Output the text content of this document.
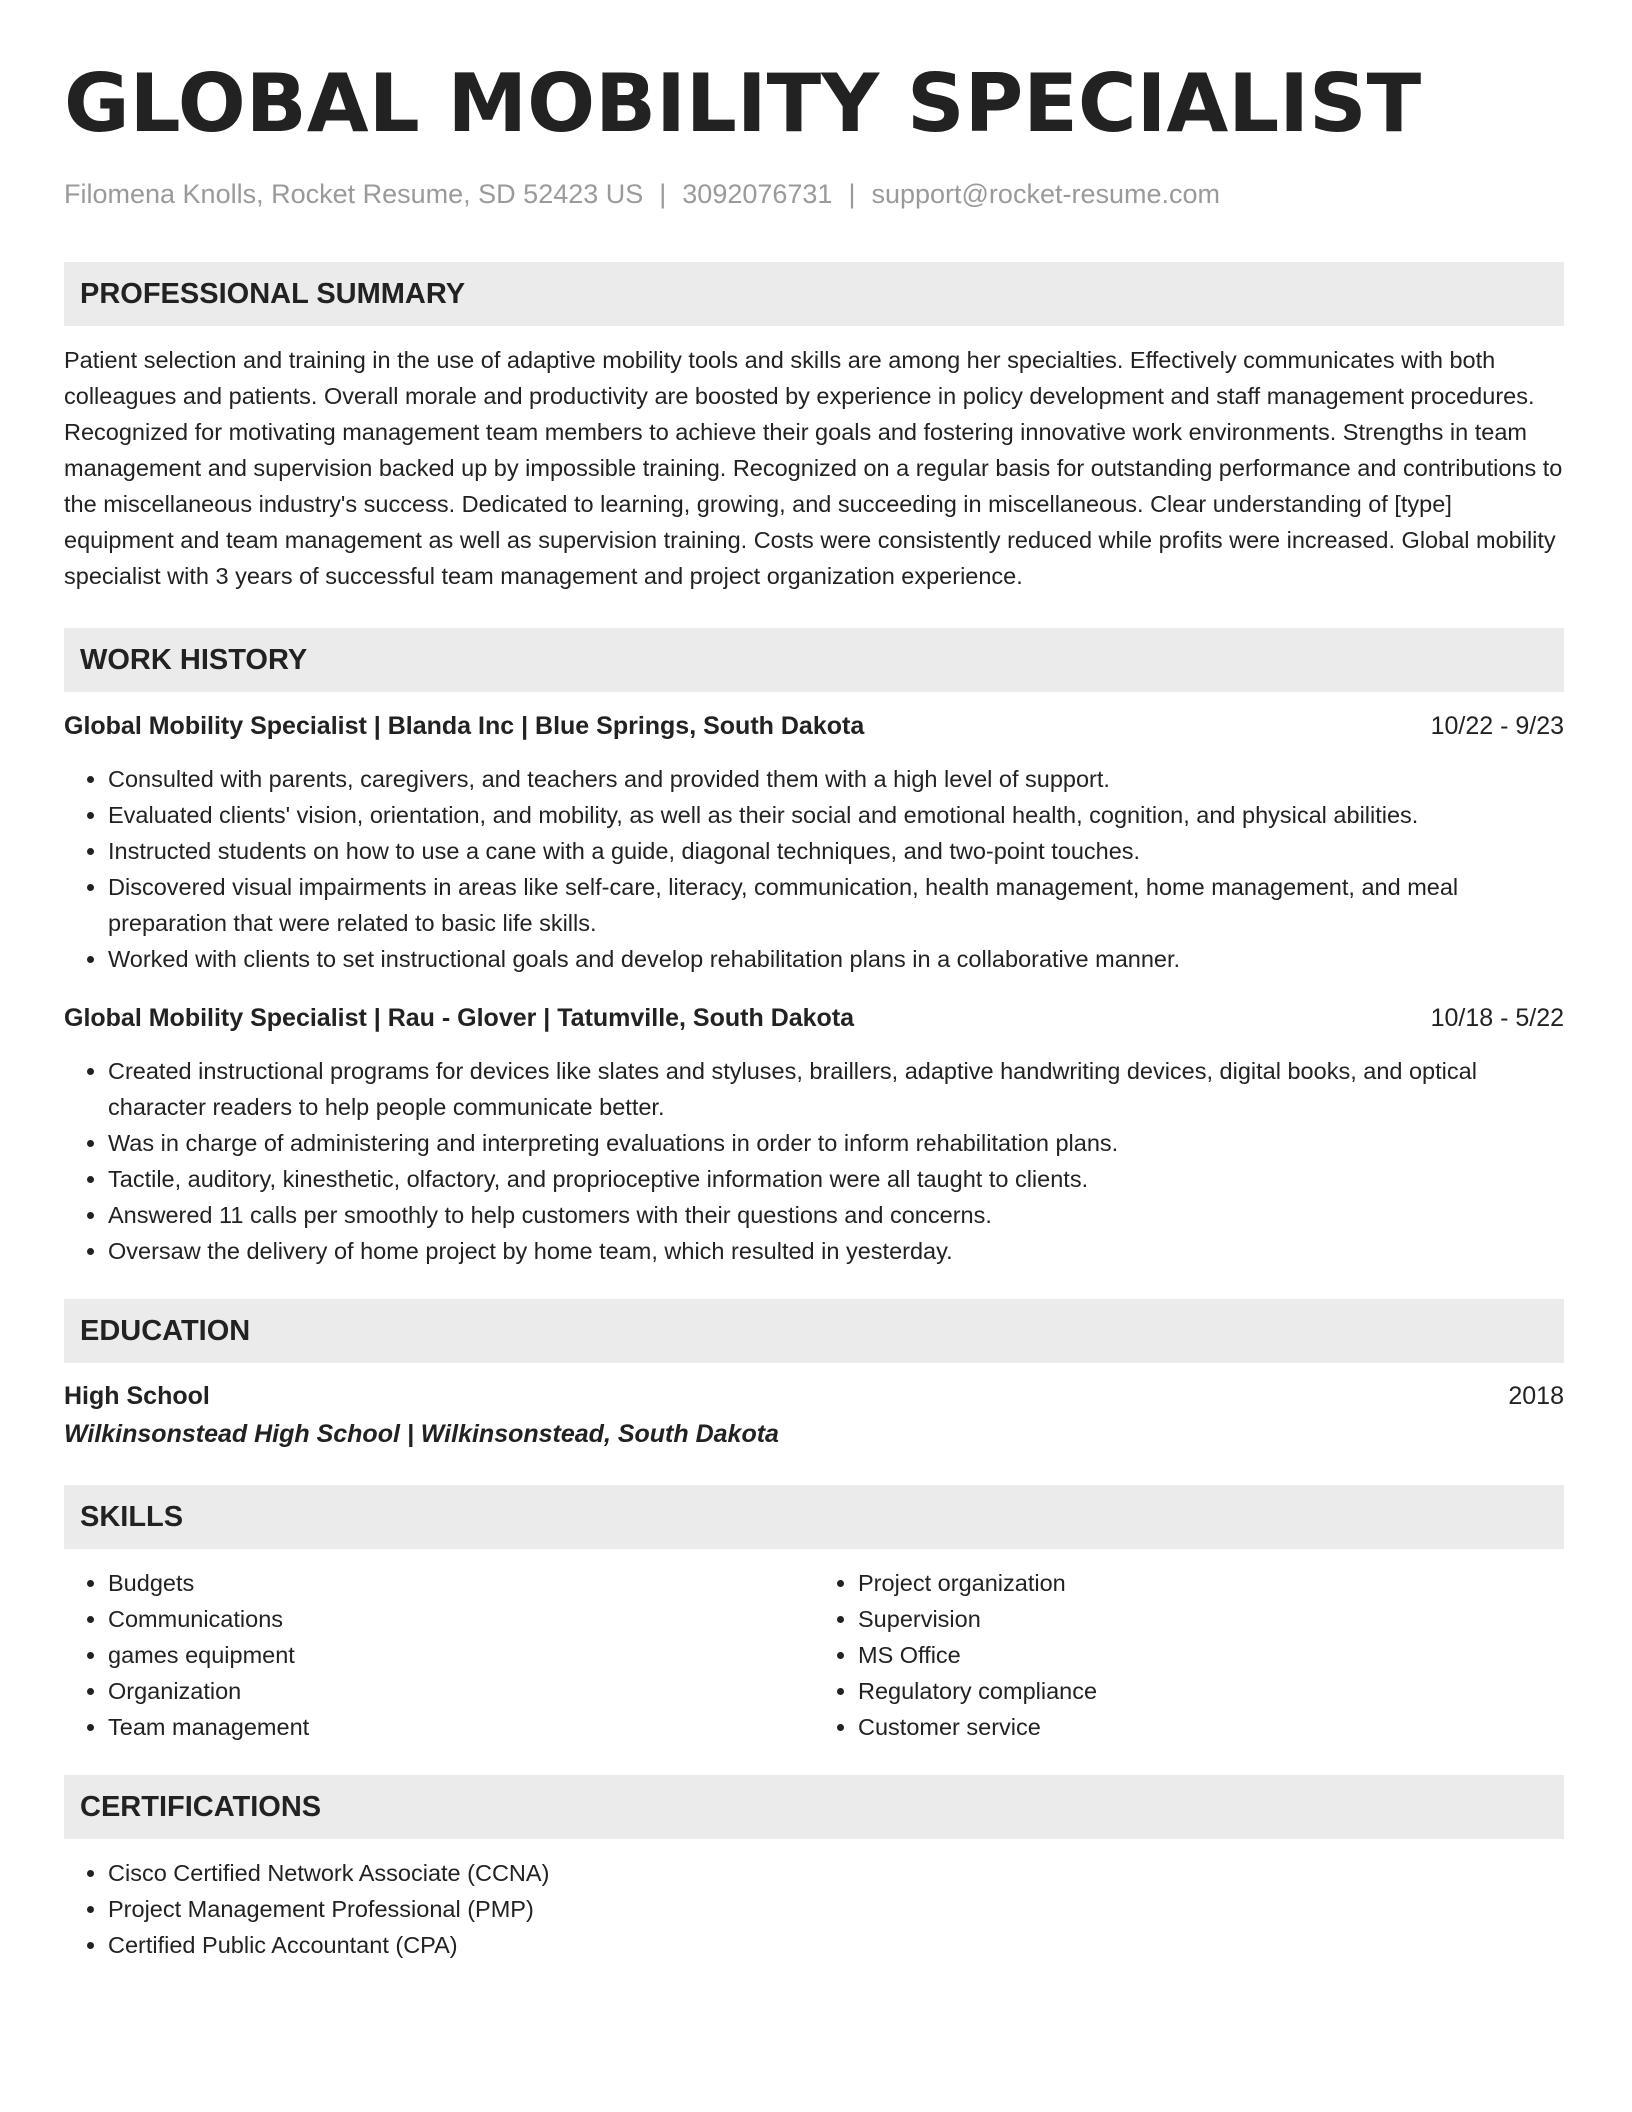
GLOBAL MOBILITY SPECIALIST
Filomena Knolls, Rocket Resume, SD 52423 US | 3092076731 | support@rocket-resume.com
PROFESSIONAL SUMMARY
Patient selection and training in the use of adaptive mobility tools and skills are among her specialties. Effectively communicates with both colleagues and patients. Overall morale and productivity are boosted by experience in policy development and staff management procedures. Recognized for motivating management team members to achieve their goals and fostering innovative work environments. Strengths in team management and supervision backed up by impossible training. Recognized on a regular basis for outstanding performance and contributions to the miscellaneous industry's success. Dedicated to learning, growing, and succeeding in miscellaneous. Clear understanding of [type] equipment and team management as well as supervision training. Costs were consistently reduced while profits were increased. Global mobility specialist with 3 years of successful team management and project organization experience.
WORK HISTORY
Global Mobility Specialist | Blanda Inc | Blue Springs, South Dakota	10/22 - 9/23
• Consulted with parents, caregivers, and teachers and provided them with a high level of support.
• Evaluated clients' vision, orientation, and mobility, as well as their social and emotional health, cognition, and physical abilities.
• Instructed students on how to use a cane with a guide, diagonal techniques, and two-point touches.
• Discovered visual impairments in areas like self-care, literacy, communication, health management, home management, and meal preparation that were related to basic life skills.
• Worked with clients to set instructional goals and develop rehabilitation plans in a collaborative manner.
Global Mobility Specialist | Rau - Glover | Tatumville, South Dakota	10/18 - 5/22
• Created instructional programs for devices like slates and styluses, braillers, adaptive handwriting devices, digital books, and optical character readers to help people communicate better.
• Was in charge of administering and interpreting evaluations in order to inform rehabilitation plans.
• Tactile, auditory, kinesthetic, olfactory, and proprioceptive information were all taught to clients.
• Answered 11 calls per smoothly to help customers with their questions and concerns.
• Oversaw the delivery of home project by home team, which resulted in yesterday.
EDUCATION
High School	2018
Wilkinsonstead High School | Wilkinsonstead, South Dakota
SKILLS
• Budgets
• Communications
• games equipment
• Organization
• Team management
• Project organization
• Supervision
• MS Office
• Regulatory compliance
• Customer service
CERTIFICATIONS
• Cisco Certified Network Associate (CCNA)
• Project Management Professional (PMP)
• Certified Public Accountant (CPA)
